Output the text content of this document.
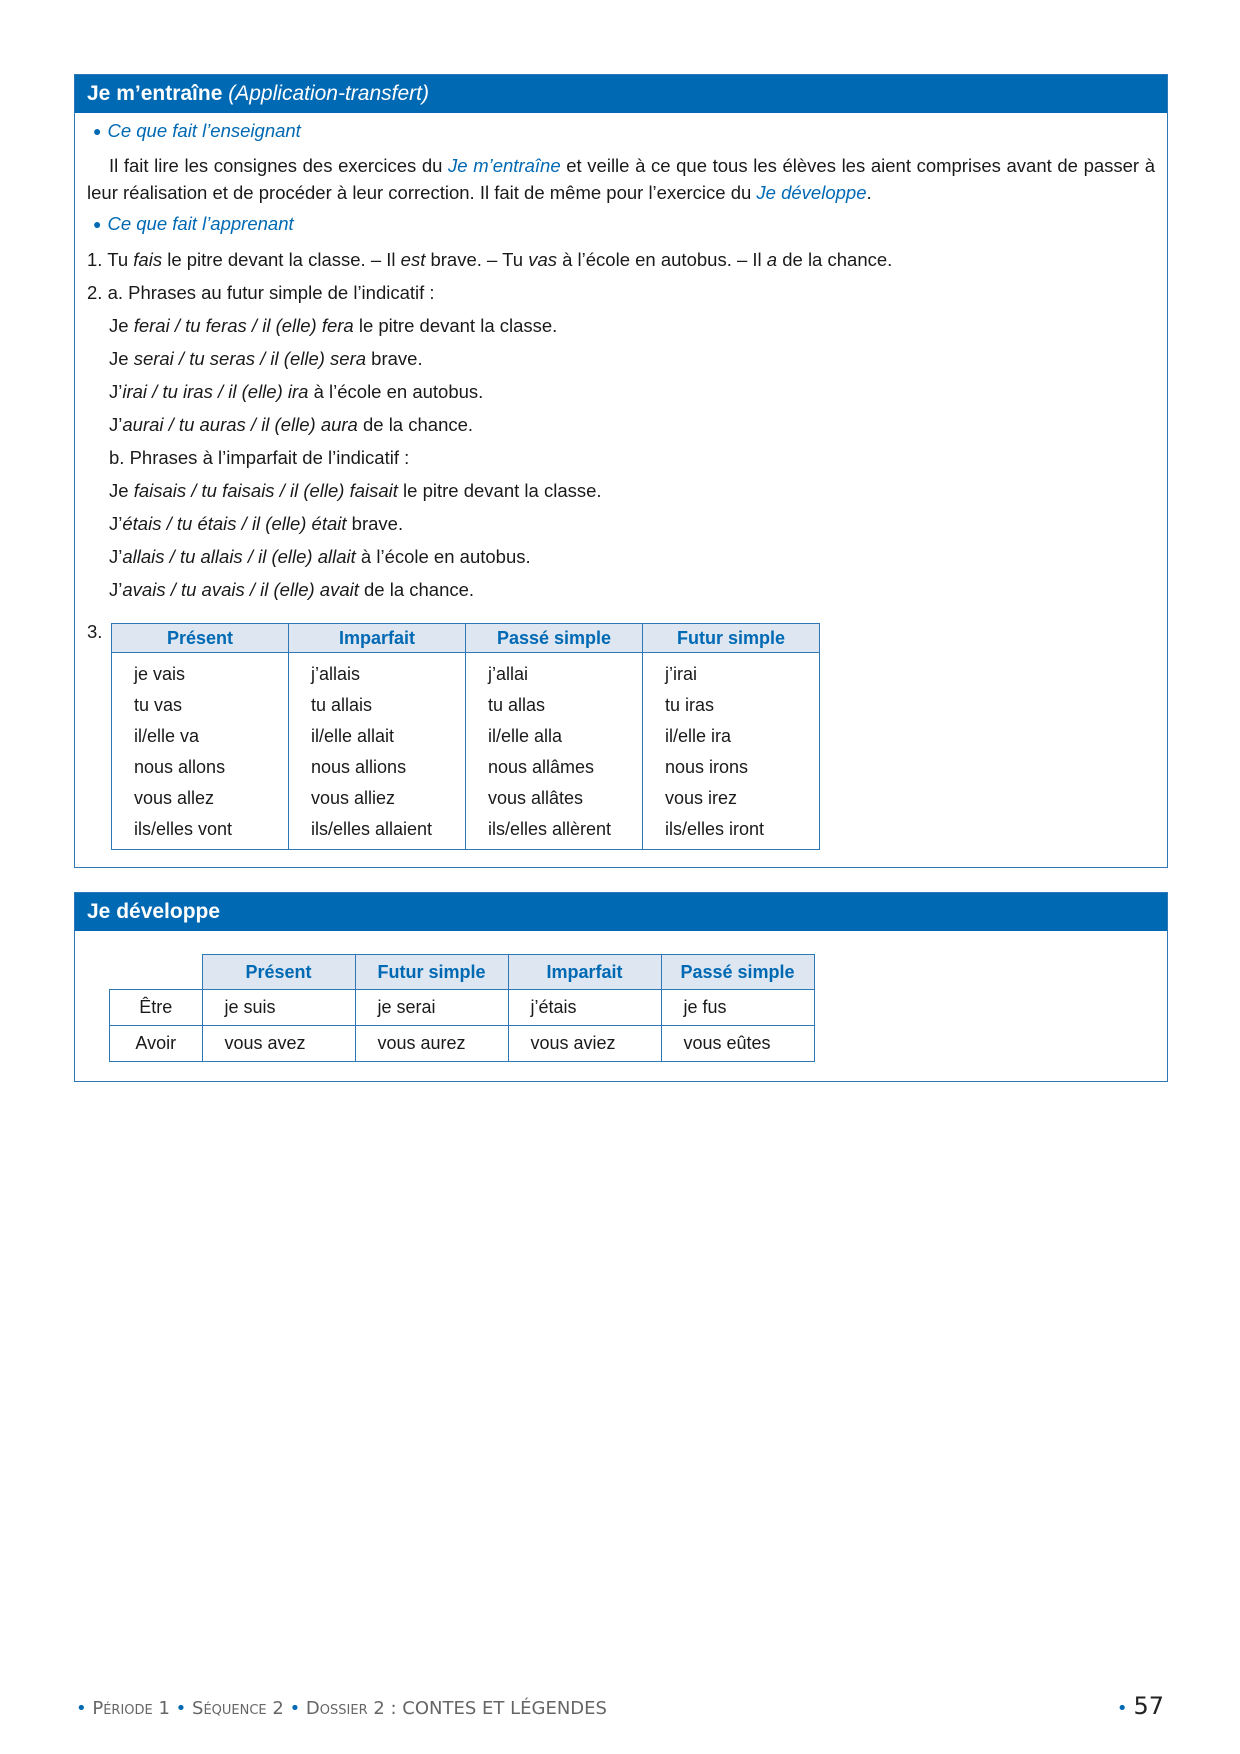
Je m’entraîne (Application-transfert)
● Ce que fait l’enseignant
Il fait lire les consignes des exercices du Je m’entraîne et veille à ce que tous les élèves les aient comprises avant de passer à leur réalisation et de procéder à leur correction. Il fait de même pour l’exercice du Je développe.
● Ce que fait l’apprenant
1. Tu fais le pitre devant la classe. – Il est brave. – Tu vas à l’école en autobus. – Il a de la chance.
2. a. Phrases au futur simple de l’indicatif :
Je ferai / tu feras / il (elle) fera le pitre devant la classe.
Je serai / tu seras / il (elle) sera brave.
J’irai / tu iras / il (elle) ira à l’école en autobus.
J’aurai / tu auras / il (elle) aura de la chance.
b. Phrases à l’imparfait de l’indicatif :
Je faisais / tu faisais / il (elle) faisait le pitre devant la classe.
J’étais / tu étais / il (elle) était brave.
J’allais / tu allais / il (elle) allait à l’école en autobus.
J’avais / tu avais / il (elle) avait de la chance.
3.	Présent	Imparfait	Passé simple	Futur simple
je vais	j’allais	j’allai	j’irai
tu vas	tu allais	tu allas	tu iras
il/elle va	il/elle allait	il/elle alla	il/elle ira
nous allons	nous allions	nous allâmes	nous irons
vous allez	vous alliez	vous allâtes	vous irez
ils/elles vont	ils/elles allaient	ils/elles allèrent	ils/elles iront
Je développe
	Présent	Futur simple	Imparfait	Passé simple
Être	je suis	je serai	j’étais	je fus
Avoir	vous avez	vous aurez	vous aviez	vous eûtes
• Période 1 • Séquence 2 • Dossier 2 : CONTES ET LÉGENDES	• 57
